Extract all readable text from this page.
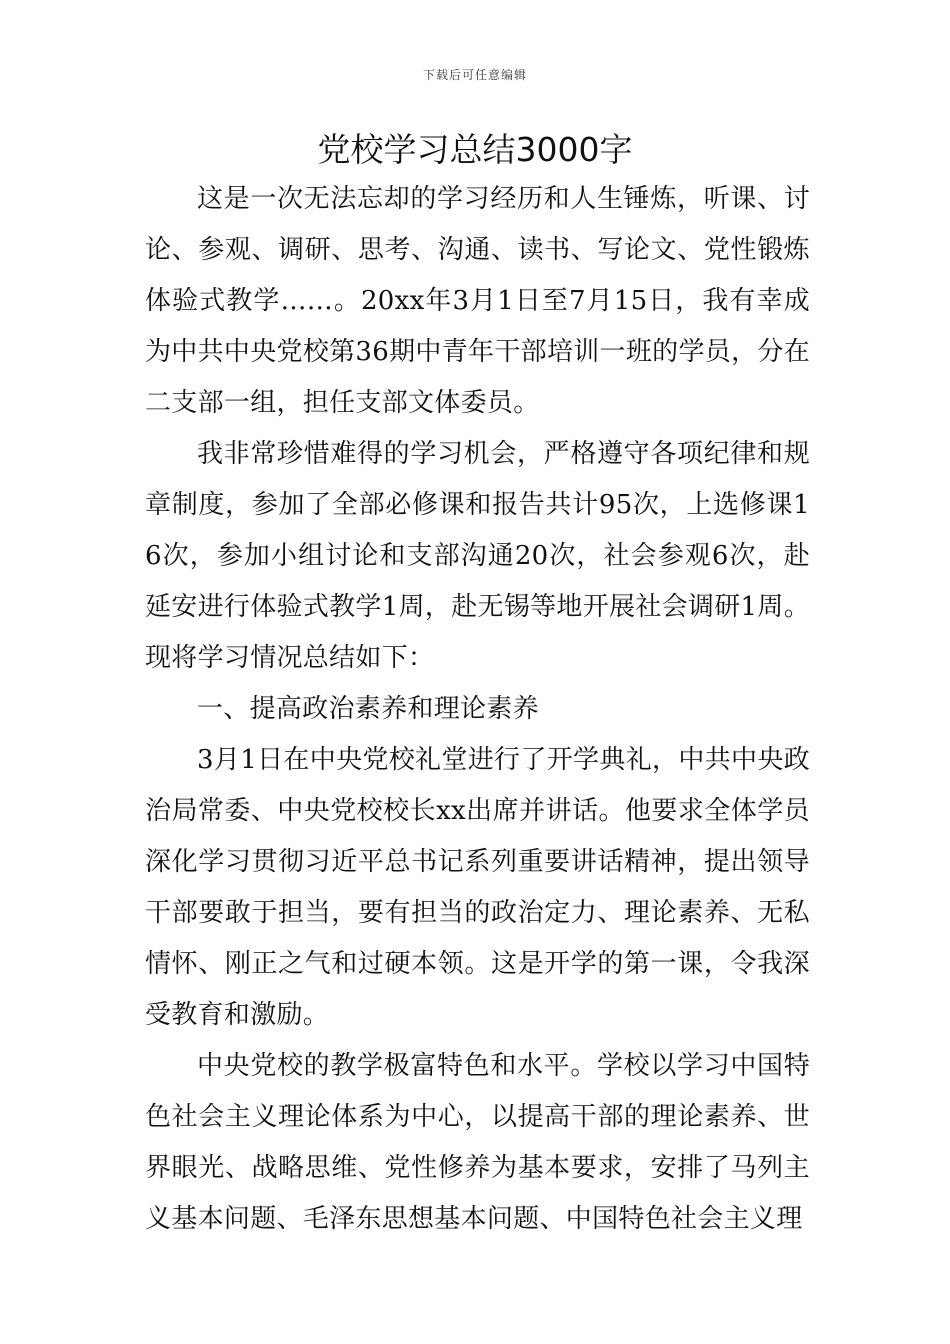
下载后可任意编辑
党校学习总结3000字

这是一次无法忘却的学习经历和人生锤炼，听课、讨论、参观、调研、思考、沟通、读书、写论文、党性锻炼体验式教学……。20xx年3月1日至7月15日，我有幸成为中共中央党校第36期中青年干部培训一班的学员，分在二支部一组，担任支部文体委员。

我非常珍惜难得的学习机会，严格遵守各项纪律和规章制度，参加了全部必修课和报告共计95次，上选修课16次，参加小组讨论和支部沟通20次，社会参观6次，赴延安进行体验式教学1周，赴无锡等地开展社会调研1周。现将学习情况总结如下：

一、提高政治素养和理论素养

3月1日在中央党校礼堂进行了开学典礼，中共中央政治局常委、中央党校校长xx出席并讲话。他要求全体学员深化学习贯彻习近平总书记系列重要讲话精神，提出领导干部要敢于担当，要有担当的政治定力、理论素养、无私情怀、刚正之气和过硬本领。这是开学的第一课，令我深受教育和激励。

中央党校的教学极富特色和水平。学校以学习中国特色社会主义理论体系为中心，以提高干部的理论素养、世界眼光、战略思维、党性修养为基本要求，安排了马列主义基本问题、毛泽东思想基本问题、中国特色社会主义理
